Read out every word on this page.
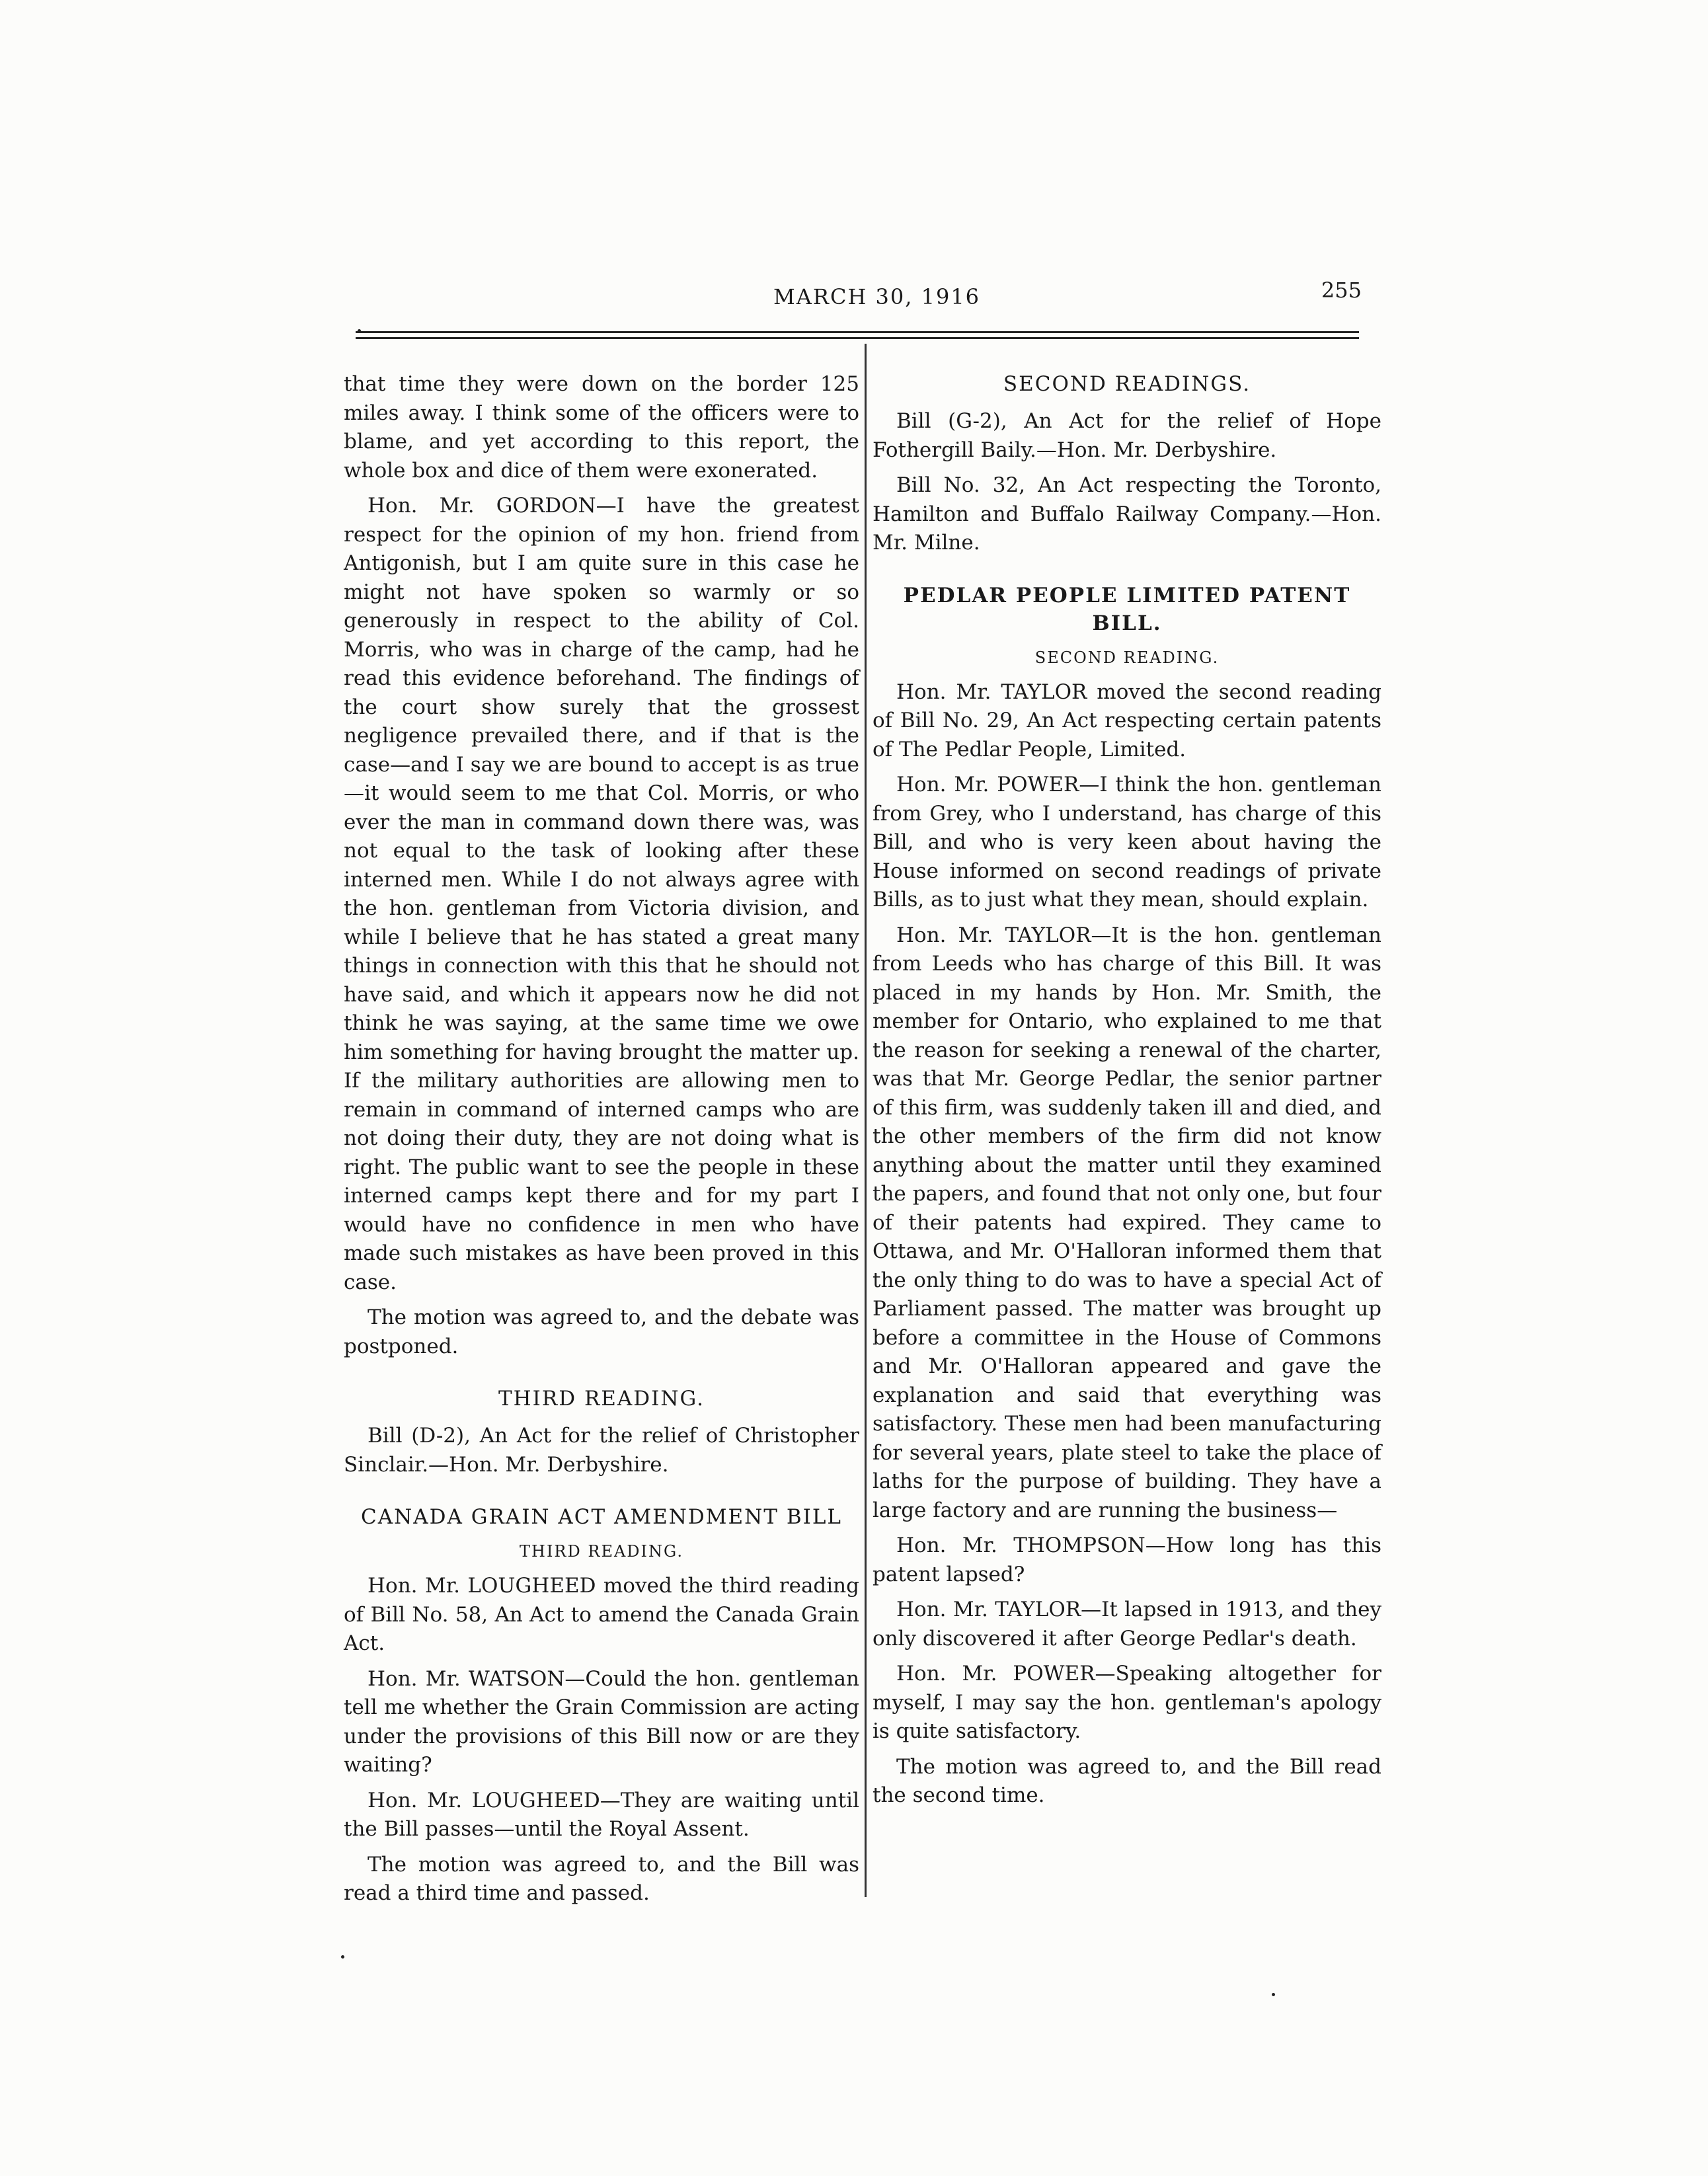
MARCH 30, 1916	255

that time they were down on the border 125 miles away. I think some of the officers were to blame, and yet according to this report, the whole box and dice of them were exonerated.

Hon. Mr. GORDON—I have the greatest respect for the opinion of my hon. friend from Antigonish, but I am quite sure in this case he might not have spoken so warmly or so generously in respect to the ability of Col. Morris, who was in charge of the camp, had he read this evidence beforehand. The findings of the court show surely that the grossest negligence prevailed there, and if that is the case—and I say we are bound to accept is as true—it would seem to me that Col. Morris, or who ever the man in command down there was, was not equal to the task of looking after these interned men. While I do not always agree with the hon. gentleman from Victoria division, and while I believe that he has stated a great many things in connection with this that he should not have said, and which it appears now he did not think he was saying, at the same time we owe him something for having brought the matter up. If the military authorities are allowing men to remain in command of interned camps who are not doing their duty, they are not doing what is right. The public want to see the people in these interned camps kept there and for my part I would have no confidence in men who have made such mistakes as have been proved in this case.

The motion was agreed to, and the debate was postponed.

THIRD READING.

Bill (D-2), An Act for the relief of Christopher Sinclair.—Hon. Mr. Derbyshire.

CANADA GRAIN ACT AMENDMENT BILL
THIRD READING.

Hon. Mr. LOUGHEED moved the third reading of Bill No. 58, An Act to amend the Canada Grain Act.

Hon. Mr. WATSON—Could the hon. gentleman tell me whether the Grain Commission are acting under the provisions of this Bill now or are they waiting?

Hon. Mr. LOUGHEED—They are waiting until the Bill passes—until the Royal Assent.

The motion was agreed to, and the Bill was read a third time and passed.

SECOND READINGS.

Bill (G-2), An Act for the relief of Hope Fothergill Baily.—Hon. Mr. Derbyshire.

Bill No. 32, An Act respecting the Toronto, Hamilton and Buffalo Railway Company.—Hon. Mr. Milne.

PEDLAR PEOPLE LIMITED PATENT BILL.
SECOND READING.

Hon. Mr. TAYLOR moved the second reading of Bill No. 29, An Act respecting certain patents of The Pedlar People, Limited.

Hon. Mr. POWER—I think the hon. gentleman from Grey, who I understand, has charge of this Bill, and who is very keen about having the House informed on second readings of private Bills, as to just what they mean, should explain.

Hon. Mr. TAYLOR—It is the hon. gentleman from Leeds who has charge of this Bill. It was placed in my hands by Hon. Mr. Smith, the member for Ontario, who explained to me that the reason for seeking a renewal of the charter, was that Mr. George Pedlar, the senior partner of this firm, was suddenly taken ill and died, and the other members of the firm did not know anything about the matter until they examined the papers, and found that not only one, but four of their patents had expired. They came to Ottawa, and Mr. O'Halloran informed them that the only thing to do was to have a special Act of Parliament passed. The matter was brought up before a committee in the House of Commons and Mr. O'Halloran appeared and gave the explanation and said that everything was satisfactory. These men had been manufacturing for several years, plate steel to take the place of laths for the purpose of building. They have a large factory and are running the business—

Hon. Mr. THOMPSON—How long has this patent lapsed?

Hon. Mr. TAYLOR—It lapsed in 1913, and they only discovered it after George Pedlar's death.

Hon. Mr. POWER—Speaking altogether for myself, I may say the hon. gentleman's apology is quite satisfactory.

The motion was agreed to, and the Bill read the second time.
